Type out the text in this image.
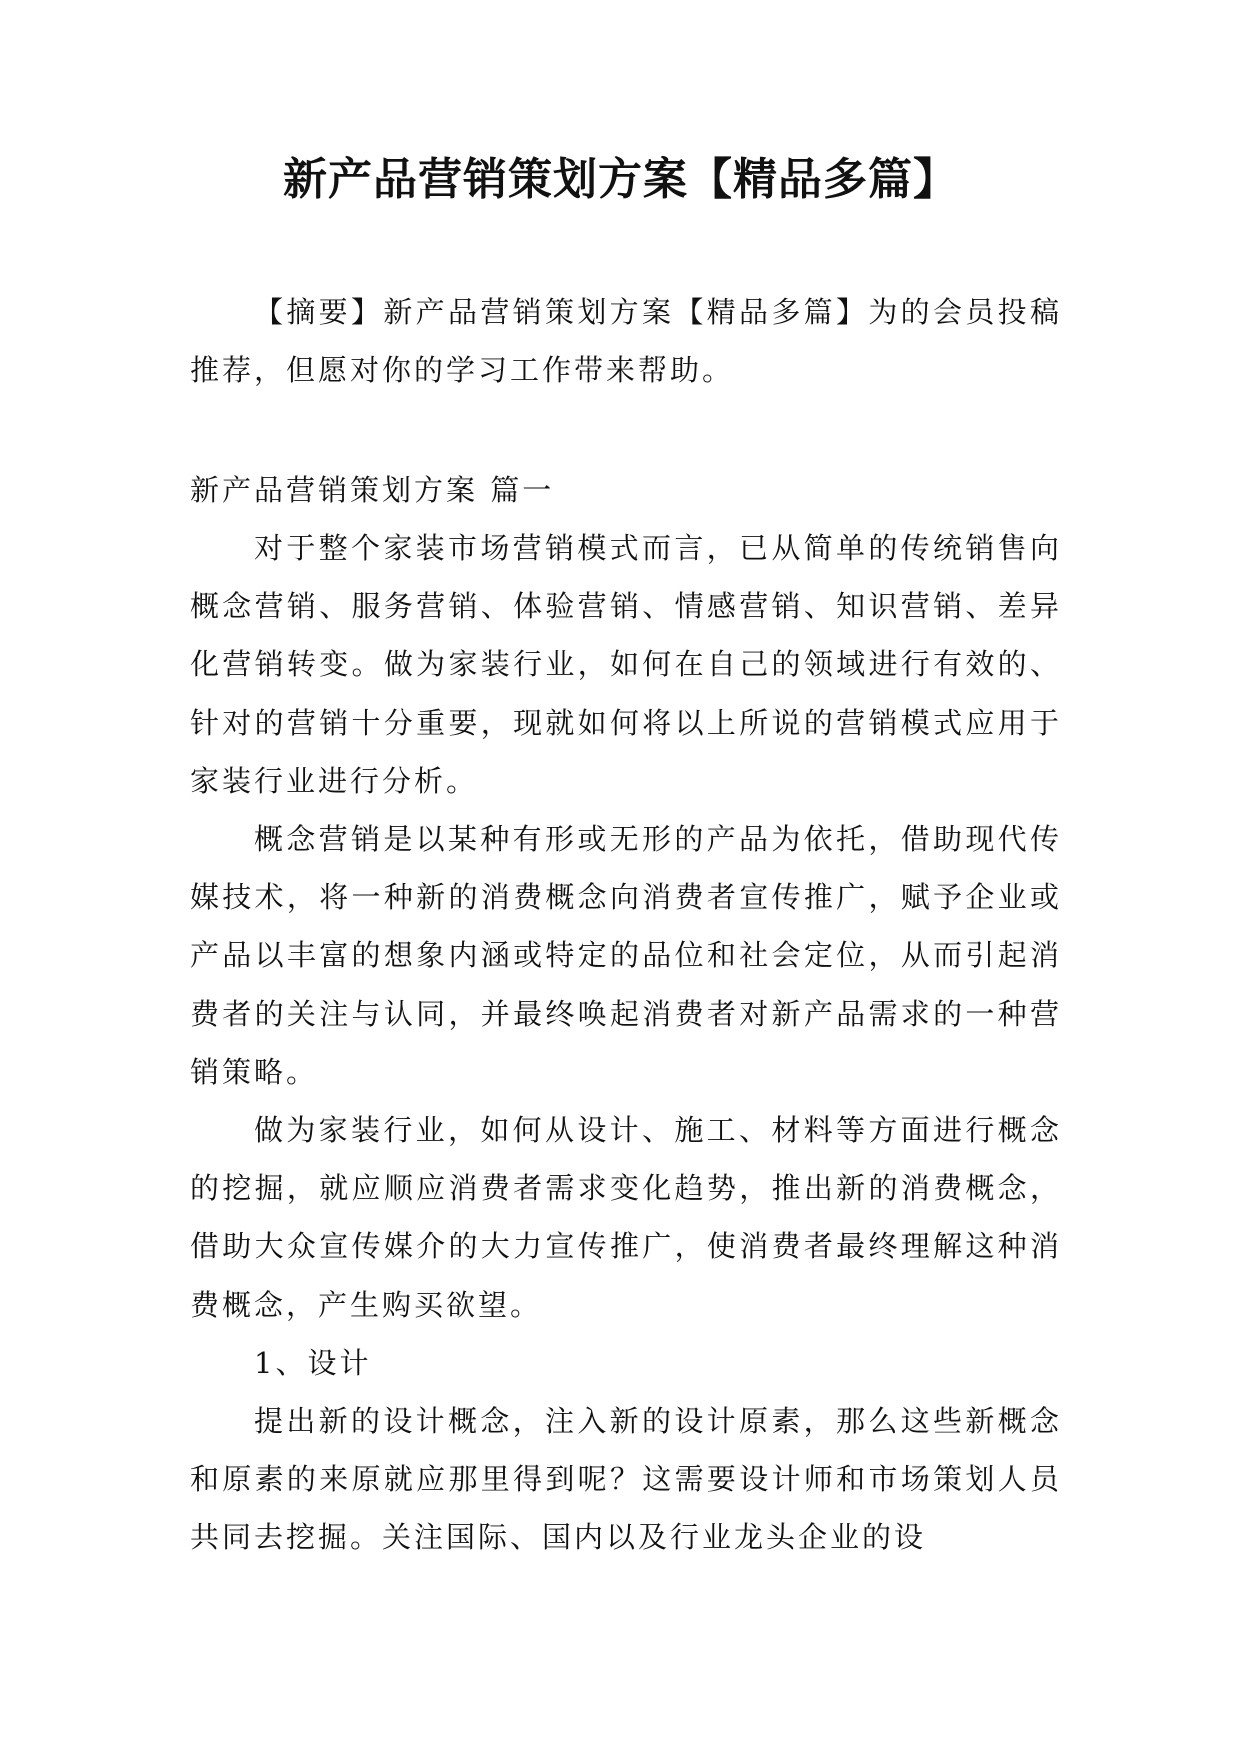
新产品营销策划方案【精品多篇】

【摘要】新产品营销策划方案【精品多篇】为的会员投稿推荐，但愿对你的学习工作带来帮助。

新产品营销策划方案 篇一

对于整个家装市场营销模式而言，已从简单的传统销售向概念营销、服务营销、体验营销、情感营销、知识营销、差异化营销转变。做为家装行业，如何在自己的领域进行有效的、针对的营销十分重要，现就如何将以上所说的营销模式应用于家装行业进行分析。

概念营销是以某种有形或无形的产品为依托，借助现代传媒技术，将一种新的消费概念向消费者宣传推广，赋予企业或产品以丰富的想象内涵或特定的品位和社会定位，从而引起消费者的关注与认同，并最终唤起消费者对新产品需求的一种营销策略。

做为家装行业，如何从设计、施工、材料等方面进行概念的挖掘，就应顺应消费者需求变化趋势，推出新的消费概念，借助大众宣传媒介的大力宣传推广，使消费者最终理解这种消费概念，产生购买欲望。

1、设计

提出新的设计概念，注入新的设计原素，那么这些新概念和原素的来原就应那里得到呢？这需要设计师和市场策划人员共同去挖掘。关注国际、国内以及行业龙头企业的设
